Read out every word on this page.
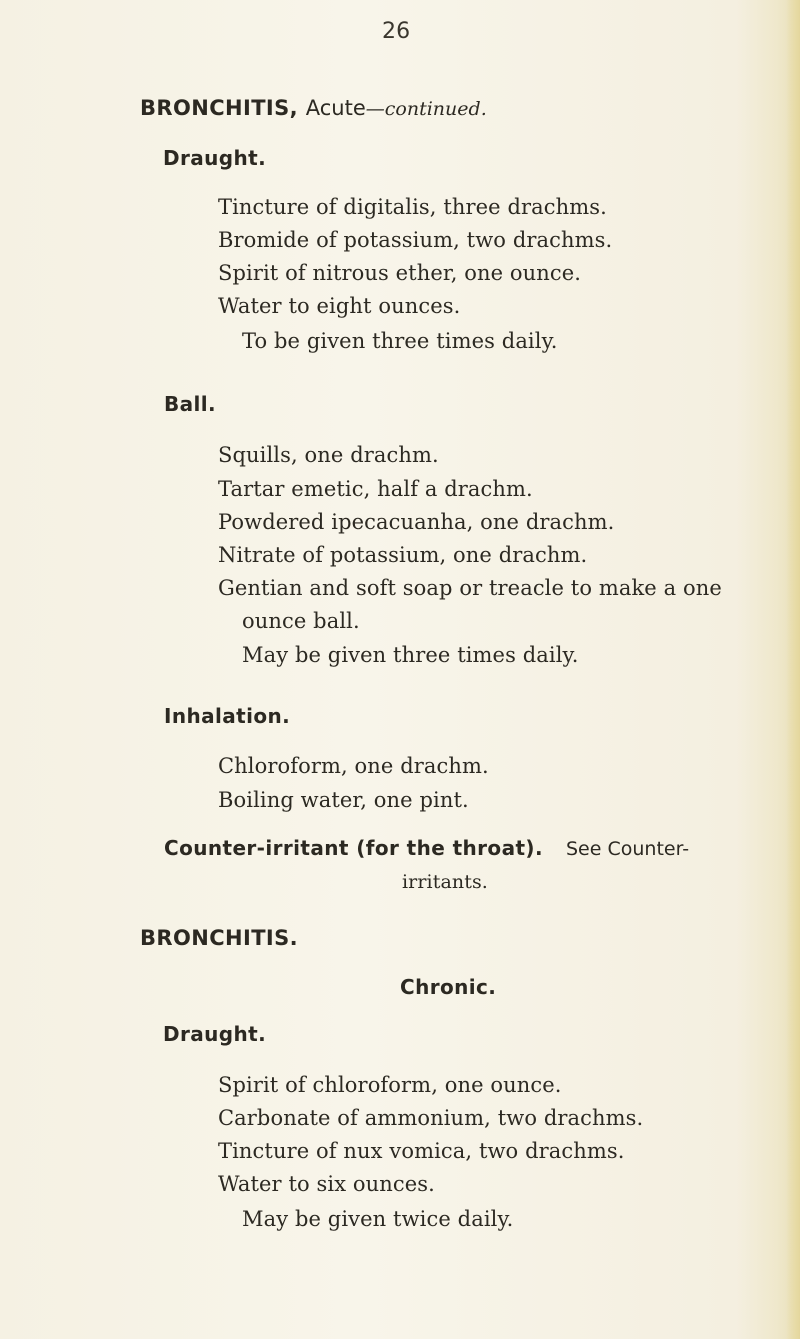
26
BRONCHITIS, Acute—continued.
Draught.
Tincture of digitalis, three drachms.
Bromide of potassium, two drachms.
Spirit of nitrous ether, one ounce.
Water to eight ounces.
To be given three times daily.
Ball.
Squills, one drachm.
Tartar emetic, half a drachm.
Powdered ipecacuanha, one drachm.
Nitrate of potassium, one drachm.
Gentian and soft soap or treacle to make a one
ounce ball.
May be given three times daily.
Inhalation.
Chloroform, one drachm.
Boiling water, one pint.
Counter-irritant (for the throat). See Counter-
irritants.
BRONCHITIS.
Chronic.
Draught.
Spirit of chloroform, one ounce.
Carbonate of ammonium, two drachms.
Tincture of nux vomica, two drachms.
Water to six ounces.
May be given twice daily.
